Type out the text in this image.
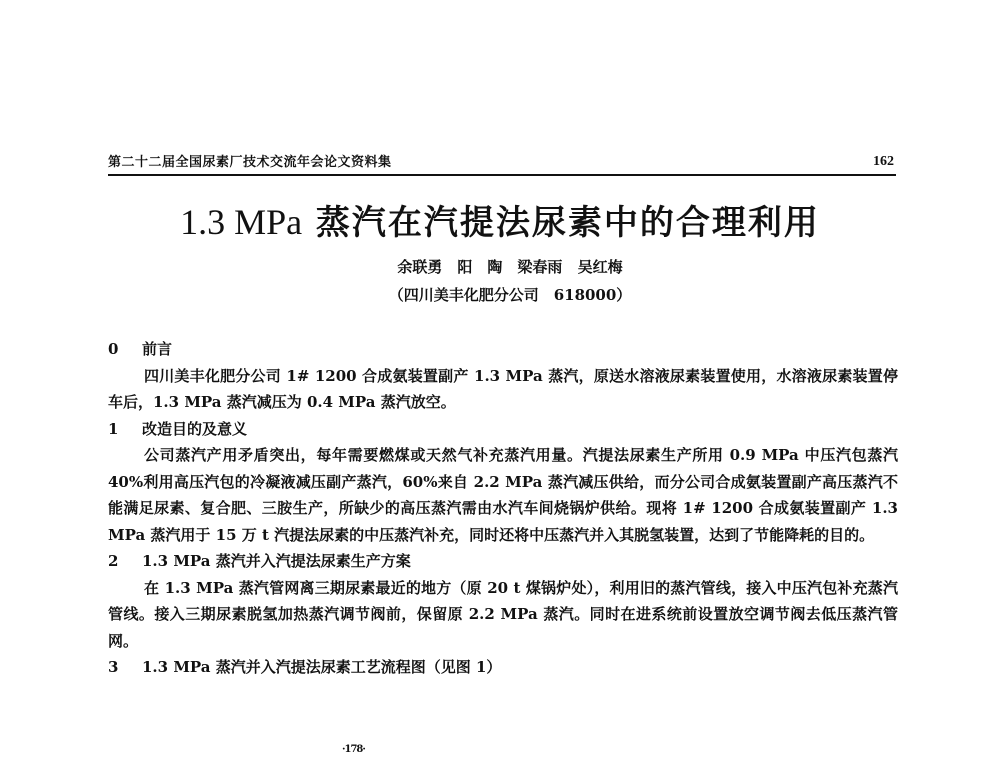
第二十二届全国尿素厂技术交流年会论文资料集	162
1.3 MPa 蒸汽在汽提法尿素中的合理利用
余联勇　阳　陶　梁春雨 吴红梅
（四川美丰化肥分公司　618000）
0	前言

四川美丰化肥分公司 1# 1200 合成氨装置副产 1.3 MPa 蒸汽，原送水溶液尿素装置使用，水溶液尿素装置停车后，1.3 MPa 蒸汽减压为 0.4 MPa 蒸汽放空。

1	改造目的及意义

公司蒸汽产用矛盾突出，每年需要燃煤或天然气补充蒸汽用量。汽提法尿素生产所用 0.9 MPa 中压汽包蒸汽 40%利用高压汽包的冷凝液减压副产蒸汽，60%来自 2.2 MPa 蒸汽减压供给，而分公司合成氨装置副产高压蒸汽不能满足尿素、复合肥、三胺生产，所缺少的高压蒸汽需由水汽车间烧锅炉供给。现将 1# 1200 合成氨装置副产 1.3 MPa 蒸汽用于 15 万 t 汽提法尿素的中压蒸汽补充，同时还将中压蒸汽并入其脱氢装置，达到了节能降耗的目的。

2	1.3 MPa 蒸汽并入汽提法尿素生产方案

在 1.3 MPa 蒸汽管网离三期尿素最近的地方（原 20 t 煤锅炉处），利用旧的蒸汽管线，接入中压汽包补充蒸汽管线。接入三期尿素脱氢加热蒸汽调节阀前，保留原 2.2 MPa 蒸汽。同时在进系统前设置放空调节阀去低压蒸汽管网。

3	1.3 MPa 蒸汽并入汽提法尿素工艺流程图（见图 1）
·178·
